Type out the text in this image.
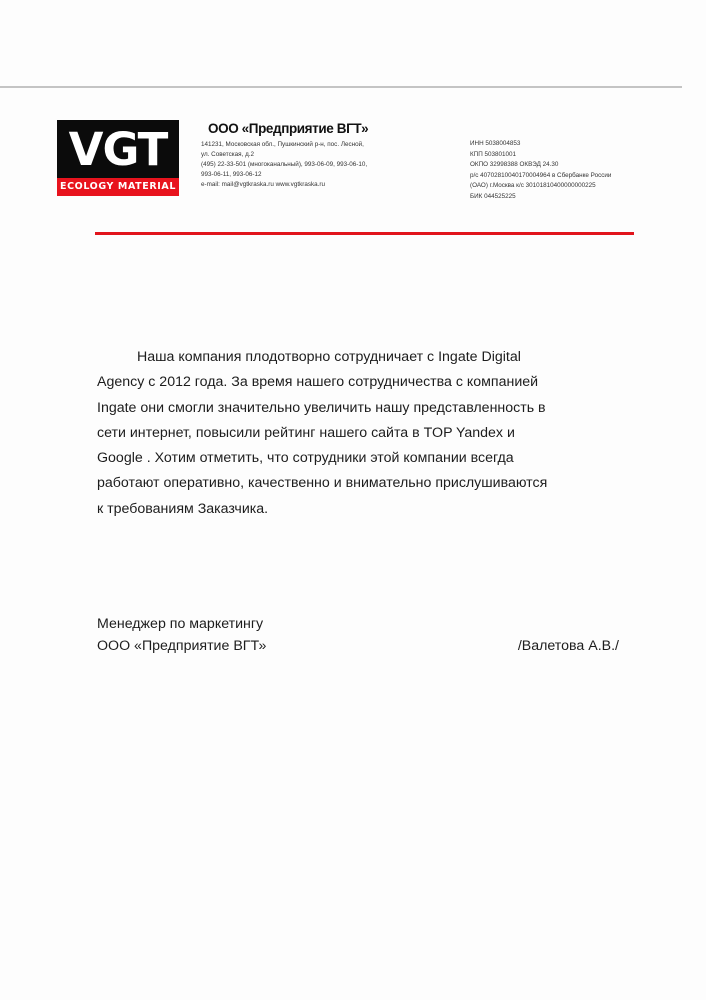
VGT
ECOLOGY MATERIAL
ООО «Предприятие ВГТ»
141231, Московская обл., Пушкинский р-н, пос. Лесной,
ул. Советская, д.2
(495) 22-33-501 (многоканальный), 993-06-09, 993-06-10,
993-06-11, 993-06-12
e-mail: mail@vgtkraska.ru www.vgtkraska.ru
ИНН 5038004853
КПП 503801001
ОКПО 32998388 ОКВЭД 24.30
р/с 40702810040170004964 в Сбербанке России
(ОАО) г.Москва к/с 30101810400000000225
БИК 044525225
Наша компания плодотворно сотрудничает с Ingate Digital
Agency с 2012 года. За время нашего сотрудничества с компанией
Ingate они смогли значительно увеличить нашу представленность в
сети интернет, повысили рейтинг нашего сайта в TOP Yandex и
Google . Хотим отметить, что сотрудники этой компании всегда
работают оперативно, качественно и внимательно прислушиваются
к требованиям Заказчика.
Менеджер по маркетингу
ООО «Предприятие ВГТ»	/Валетова А.В./
